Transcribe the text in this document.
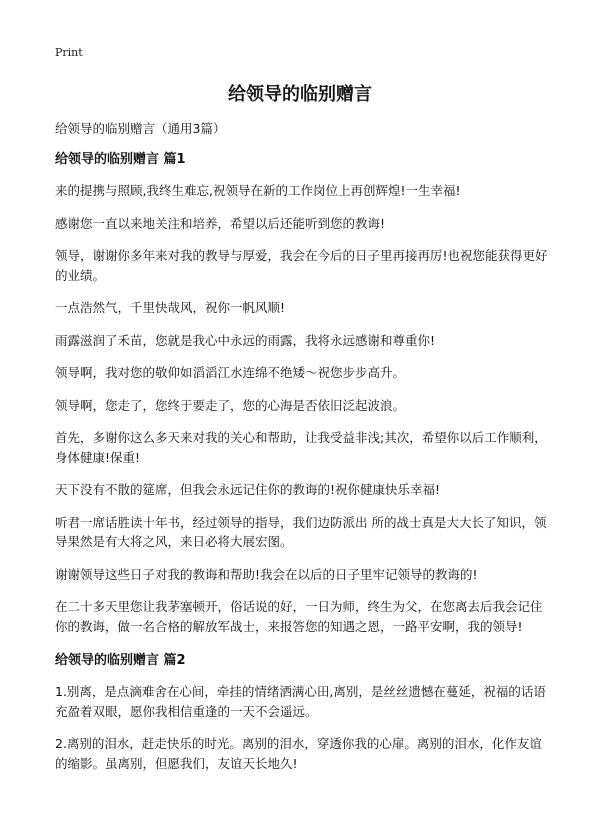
Print
给领导的临别赠言
给领导的临别赠言（通用3篇）
给领导的临别赠言 篇1

来的提携与照顾,我终生难忘,祝领导在新的工作岗位上再创辉煌!一生幸福!

感谢您一直以来地关注和培养，希望以后还能听到您的教诲!

领导，谢谢你多年来对我的教导与厚爱，我会在今后的日子里再接再厉!也祝您能获得更好的业绩。

一点浩然气，千里快哉风，祝你一帆风顺!

雨露滋润了禾苗，您就是我心中永远的雨露，我将永远感谢和尊重你!

领导啊，我对您的敬仰如滔滔江水连绵不绝矮～祝您步步高升。

领导啊，您走了，您终于要走了，您的心海是否依旧泛起波浪。

首先，多谢你这么多天来对我的关心和帮助，让我受益非浅;其次，希望你以后工作顺利，身体健康!保重!

天下没有不散的筵席，但我会永远记住你的教诲的!祝你健康快乐幸福!

听君一席话胜读十年书，经过领导的指导，我们边防派出 所的战士真是大大长了知识，领导果然是有大将之风，来日必将大展宏图。

谢谢领导这些日子对我的教诲和帮助!我会在以后的日子里牢记领导的教诲的!

在二十多天里您让我茅塞顿开，俗话说的好，一日为师，终生为父，在您离去后我会记住你的教诲，做一名合格的解放军战士，来报答您的知遇之恩，一路平安啊，我的领导!

给领导的临别赠言 篇2

1.别离，是点滴难舍在心间，牵挂的情绪洒满心田,离别，是丝丝遗憾在蔓延，祝福的话语充盈着双眼，愿你我相信重逢的一天不会遥远。

2.离别的泪水，赶走快乐的时光。离别的泪水，穿透你我的心扉。离别的泪水，化作友谊的缩影。虽离别，但愿我们，友谊天长地久!
